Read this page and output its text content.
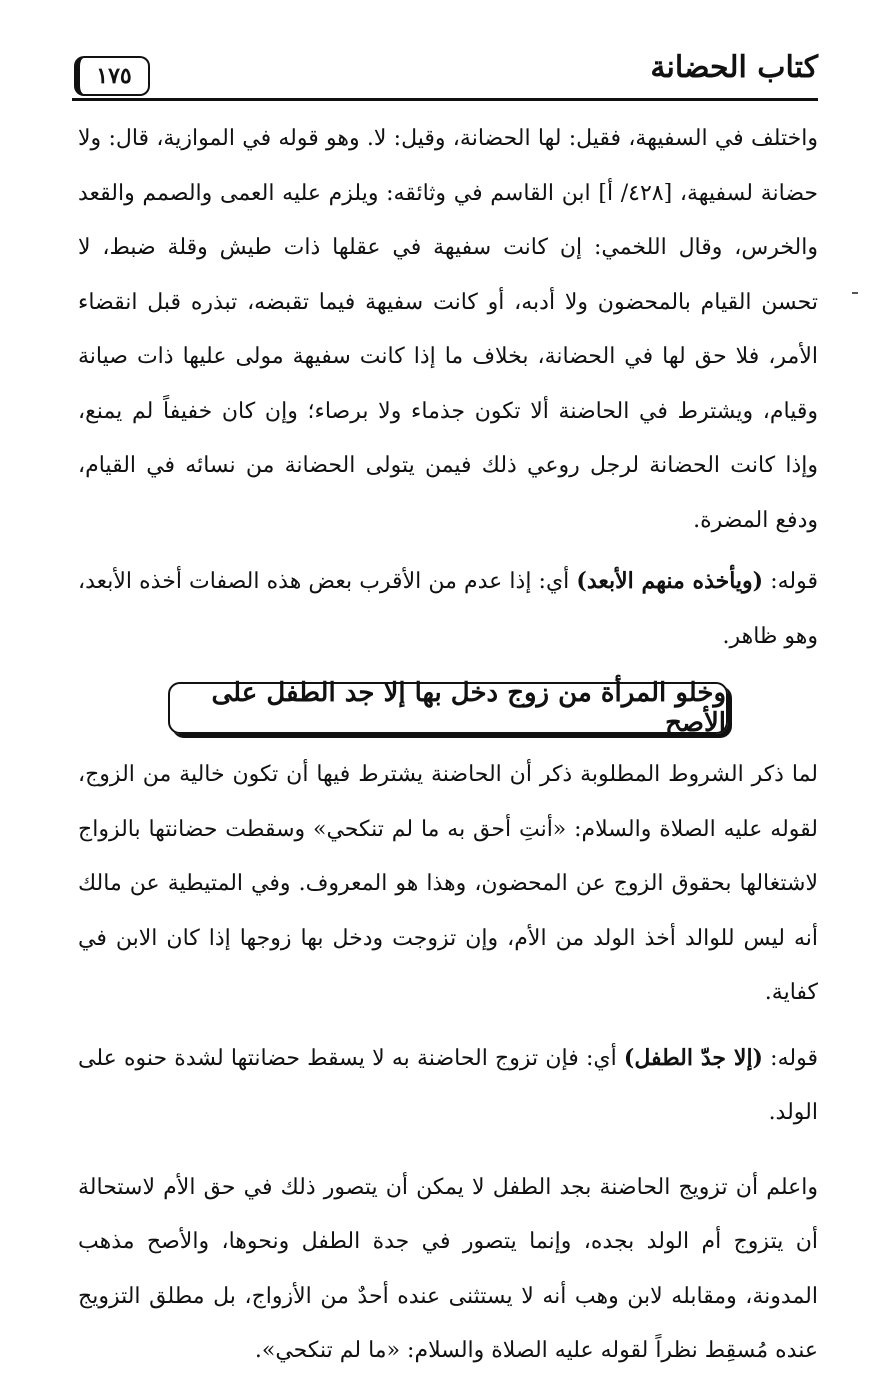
١٧٥	كتاب الحضانة

واختلف في السفيهة، فقيل: لها الحضانة، وقيل: لا. وهو قوله في الموازية، قال: ولا حضانة لسفيهة، [٤٢٨/ أ] ابن القاسم في وثائقه: ويلزم عليه العمى والصمم والقعد والخرس، وقال اللخمي: إن كانت سفيهة في عقلها ذات طيش وقلة ضبط، لا تحسن القيام بالمحضون ولا أدبه، أو كانت سفيهة فيما تقبضه، تبذره قبل انقضاء الأمر، فلا حق لها في الحضانة، بخلاف ما إذا كانت سفيهة مولى عليها ذات صيانة وقيام، ويشترط في الحاضنة ألا تكون جذماء ولا برصاء؛ وإن كان خفيفاً لم يمنع، وإذا كانت الحضانة لرجل روعي ذلك فيمن يتولى الحضانة من نسائه في القيام، ودفع المضرة.

قوله: (ويأخذه منهم الأبعد) أي: إذا عدم من الأقرب بعض هذه الصفات أخذه الأبعد، وهو ظاهر.

وخلو المرأة من زوج دخل بها إلا جد الطفل على الأصح

لما ذكر الشروط المطلوبة ذكر أن الحاضنة يشترط فيها أن تكون خالية من الزوج، لقوله عليه الصلاة والسلام: «أنتِ أحق به ما لم تنكحي» وسقطت حضانتها بالزواج لاشتغالها بحقوق الزوج عن المحضون، وهذا هو المعروف. وفي المتيطية عن مالك أنه ليس للوالد أخذ الولد من الأم، وإن تزوجت ودخل بها زوجها إذا كان الابن في كفاية.

قوله: (إلا جدّ الطفل) أي: فإن تزوج الحاضنة به لا يسقط حضانتها لشدة حنوه على الولد.

واعلم أن تزويج الحاضنة بجد الطفل لا يمكن أن يتصور ذلك في حق الأم لاستحالة أن يتزوج أم الولد بجده، وإنما يتصور في جدة الطفل ونحوها، والأصح مذهب المدونة، ومقابله لابن وهب أنه لا يستثنى عنده أحدٌ من الأزواج، بل مطلق التزويج عنده مُسقِط نظراً لقوله عليه الصلاة والسلام: «ما لم تنكحي».
